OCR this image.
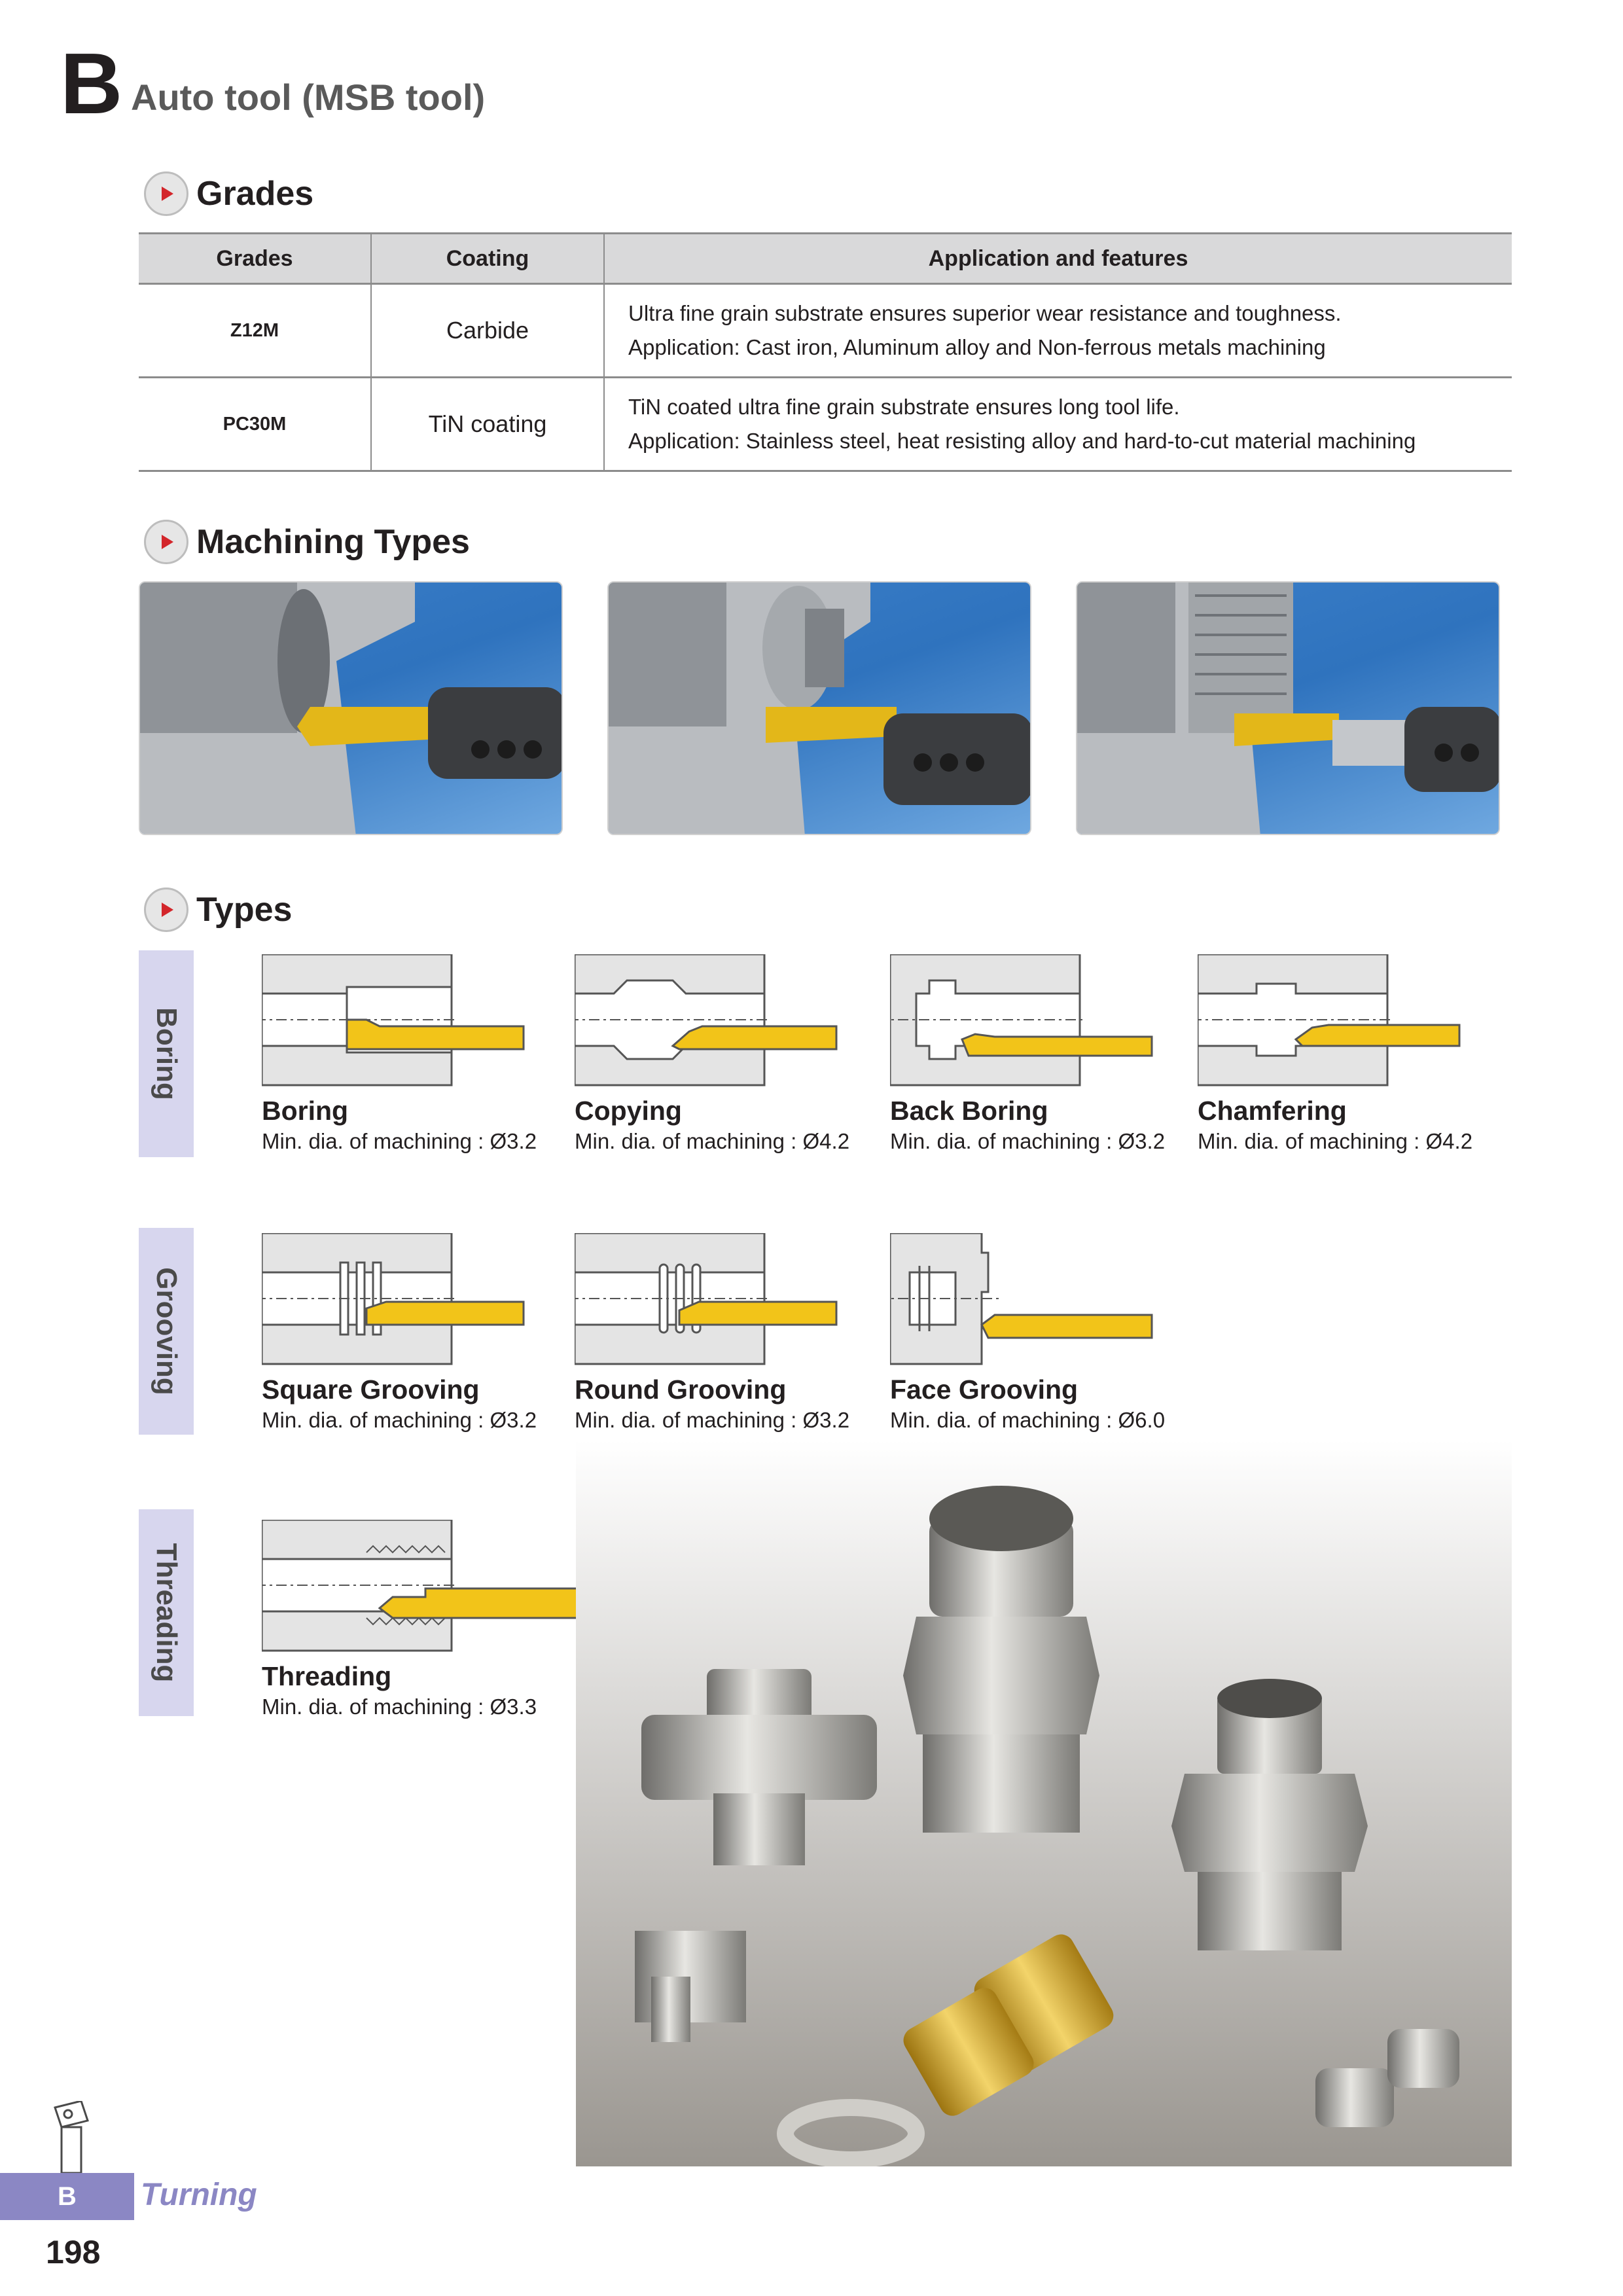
B Auto tool (MSB tool)
Grades
Grades	Coating	Application and features
Z12M	Carbide	Ultra fine grain substrate ensures superior wear resistance and toughness.
Application: Cast iron, Aluminum alloy and Non-ferrous metals machining

PC30M	TiN coating	TiN coated ultra fine grain substrate ensures long tool life.
Application: Stainless steel, heat resisting alloy and hard-to-cut material machining
Machining Types
Types
Boring
Grooving
Threading
Boring
Min. dia. of machining : Ø3.2
Copying
Min. dia. of machining : Ø4.2
Back Boring
Min. dia. of machining : Ø3.2
Chamfering
Min. dia. of machining : Ø4.2
Square Grooving
Min. dia. of machining : Ø3.2
Round Grooving
Min. dia. of machining : Ø3.2
Face Grooving
Min. dia. of machining : Ø6.0
Threading
Min. dia. of machining : Ø3.3
B	Turning
198
